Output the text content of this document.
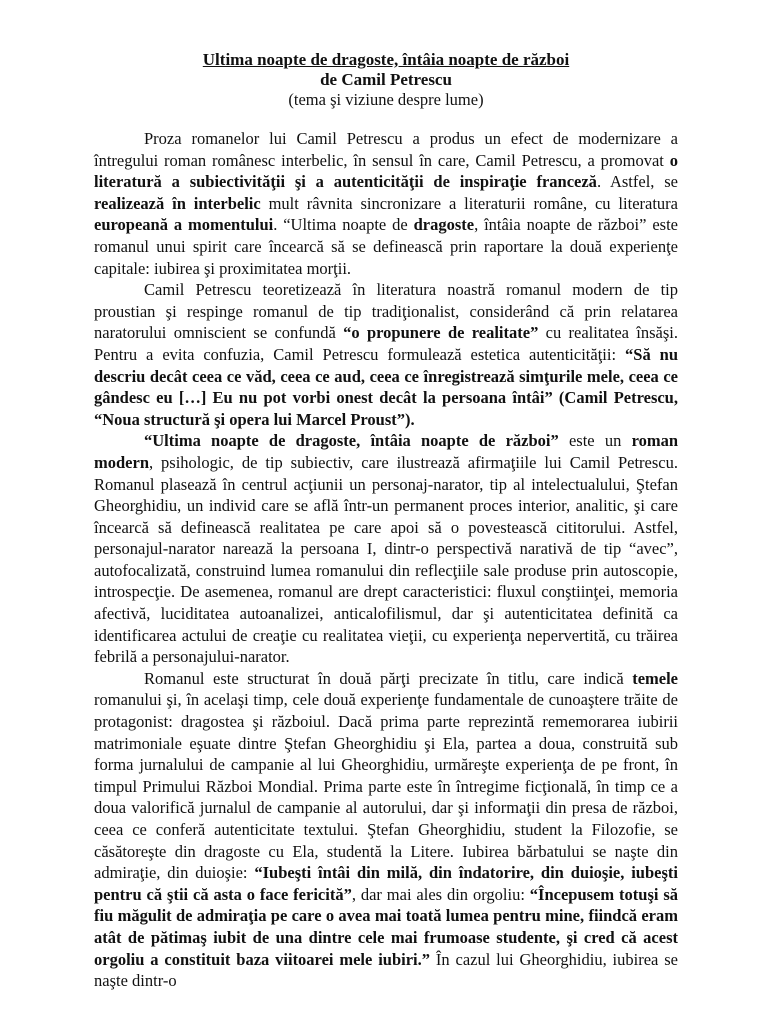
Ultima noapte de dragoste, întâia noapte de război

de Camil Petrescu

(tema şi viziune despre lume)

Proza romanelor lui Camil Petrescu a produs un efect de modernizare a întregului roman românesc interbelic, în sensul în care, Camil Petrescu, a promovat o literatură a subiectivităţii şi a autenticităţii de inspiraţie franceză. Astfel, se realizează în interbelic mult râvnita sincronizare a literaturii române, cu literatura europeană a momentului. “Ultima noapte de dragoste, întâia noapte de război” este romanul unui spirit care încearcă să se definească prin raportare la două experienţe capitale: iubirea şi proximitatea morţii.

Camil Petrescu teoretizează în literatura noastră romanul modern de tip proustian şi respinge romanul de tip tradiţionalist, considerând că prin relatarea naratorului omniscient se confundă “o propunere de realitate” cu realitatea însăşi. Pentru a evita confuzia, Camil Petrescu formulează estetica autenticităţii: “Să nu descriu decât ceea ce văd, ceea ce aud, ceea ce înregistrează simţurile mele, ceea ce gândesc eu […] Eu nu pot vorbi onest decât la persoana întâi” (Camil Petrescu, “Noua structură şi opera lui Marcel Proust”).

“Ultima noapte de dragoste, întâia noapte de război” este un roman modern, psihologic, de tip subiectiv, care ilustrează afirmaţiile lui Camil Petrescu. Romanul plasează în centrul acţiunii un personaj-narator, tip al intelectualului, Ştefan Gheorghidiu, un individ care se află într-un permanent proces interior, analitic, şi care încearcă să definească realitatea pe care apoi să o povestească cititorului. Astfel, personajul-narator narează la persoana I, dintr-o perspectivă narativă de tip “avec”, autofocalizată, construind lumea romanului din reflecţiile sale produse prin autoscopie, introspecţie. De asemenea, romanul are drept caracteristici: fluxul conştiinţei, memoria afectivă, luciditatea autoanalizei, anticalofilismul, dar şi autenticitatea definită ca identificarea actului de creaţie cu realitatea vieţii, cu experienţa nepervertită, cu trăirea febrilă a personajului-narator.

Romanul este structurat în două părţi precizate în titlu, care indică temele romanului şi, în acelaşi timp, cele două experienţe fundamentale de cunoaştere trăite de protagonist: dragostea şi războiul. Dacă prima parte reprezintă rememorarea iubirii matrimoniale eşuate dintre Ştefan Gheorghidiu şi Ela, partea a doua, construită sub forma jurnalului de campanie al lui Gheorghidiu, urmăreşte experienţa de pe front, în timpul Primului Război Mondial. Prima parte este în întregime ficţională, în timp ce a doua valorifică jurnalul de campanie al autorului, dar şi informaţii din presa de război, ceea ce conferă autenticitate textului. Ştefan Gheorghidiu, student la Filozofie, se căsătoreşte din dragoste cu Ela, studentă la Litere. Iubirea bărbatului se naşte din admiraţie, din duioşie: “Iubeşti întâi din milă, din îndatorire, din duioşie, iubeşti pentru că ştii că asta o face fericită”, dar mai ales din orgoliu: “Începusem totuşi să fiu măgulit de admiraţia pe care o avea mai toată lumea pentru mine, fiindcă eram atât de pătimaş iubit de una dintre cele mai frumoase studente, şi cred că acest orgoliu a constituit baza viitoarei mele iubiri.” În cazul lui Gheorghidiu, iubirea se naşte dintr-o
